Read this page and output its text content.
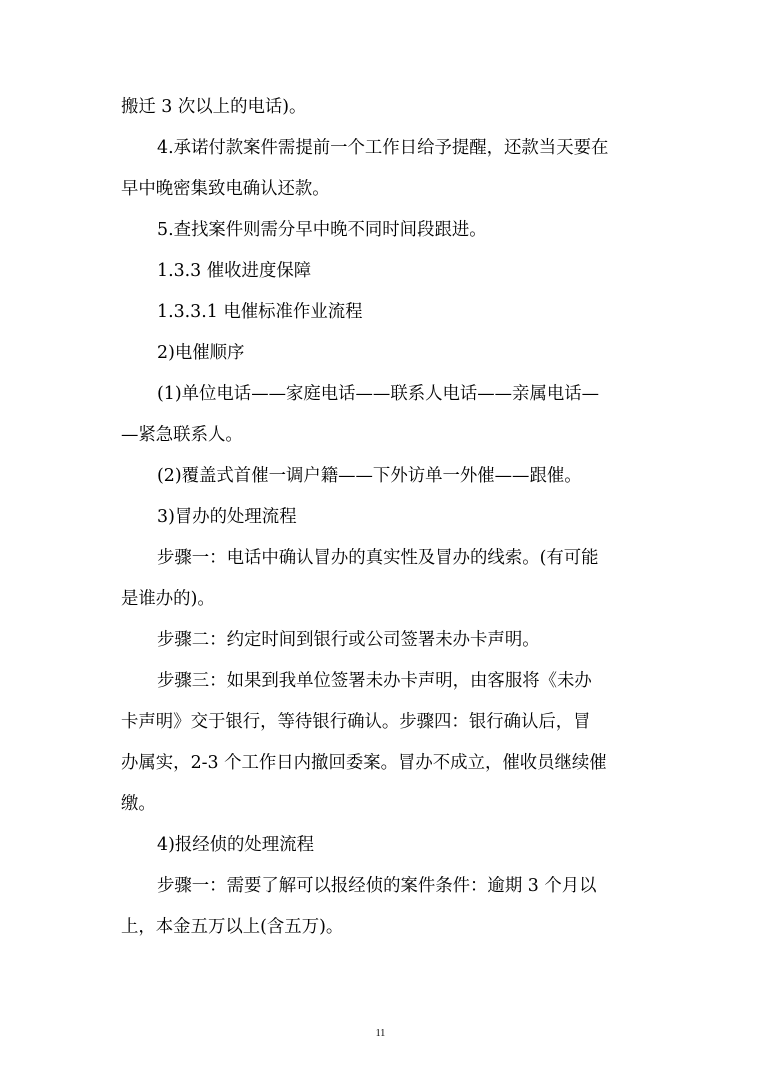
搬迁 3 次以上的电话)。
4.承诺付款案件需提前一个工作日给予提醒，还款当天要在
早中晚密集致电确认还款。
5.查找案件则需分早中晚不同时间段跟进。
1.3.3 催收进度保障
1.3.3.1 电催标准作业流程
2)电催顺序
(1)单位电话——家庭电话——联系人电话——亲属电话—
—紧急联系人。
(2)覆盖式首催一调户籍——下外访单一外催——跟催。
3)冒办的处理流程
步骤一：电话中确认冒办的真实性及冒办的线索。(有可能
是谁办的)。
步骤二：约定时间到银行或公司签署未办卡声明。
步骤三：如果到我单位签署未办卡声明，由客服将《未办
卡声明》交于银行，等待银行确认。步骤四：银行确认后，冒
办属实，2-3 个工作日内撤回委案。冒办不成立，催收员继续催
缴。
4)报经侦的处理流程
步骤一：需要了解可以报经侦的案件条件：逾期 3 个月以
上，本金五万以上(含五万)。
11
